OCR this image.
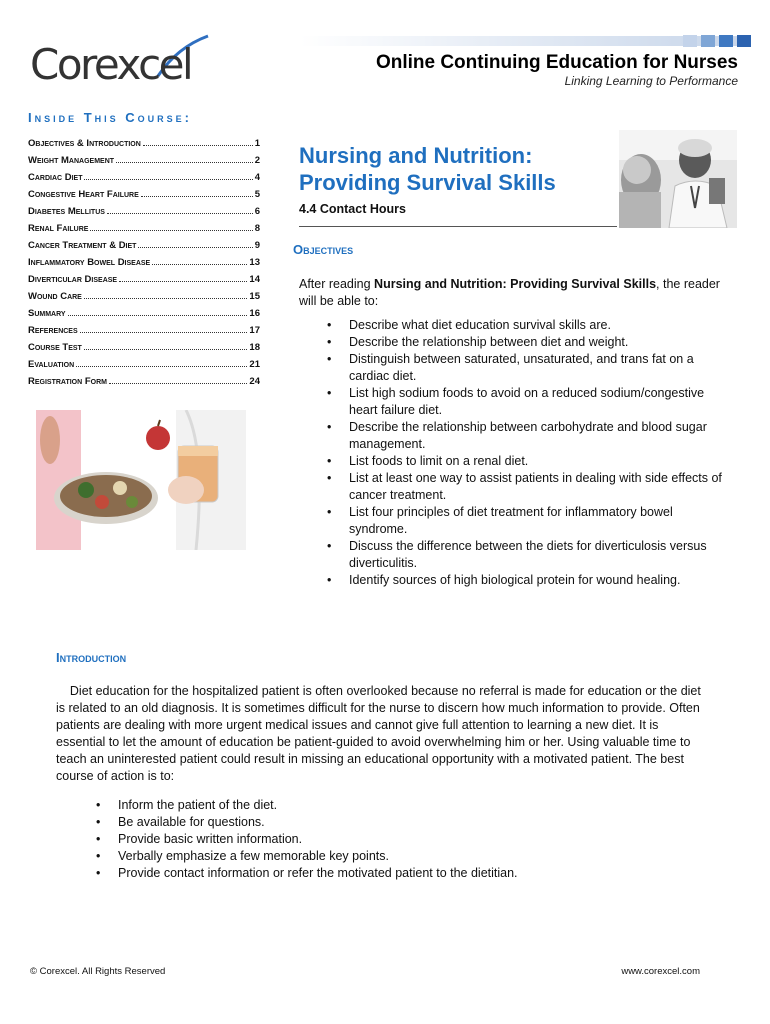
Corexcel	Online Continuing Education for Nurses
Linking Learning to Performance
Inside This Course:
Objectives & Introduction	1
Weight Management	2
Cardiac Diet	4
Congestive Heart Failure	5
Diabetes Mellitus	6
Renal Failure	8
Cancer Treatment & Diet	9
Inflammatory Bowel Disease	13
Diverticular Disease	14
Wound Care	15
Summary	16
References	17
Course Test	18
Evaluation	21
Registration Form	24
Nursing and Nutrition:
Providing Survival Skills
4.4 Contact Hours
Objectives
After reading Nursing and Nutrition: Providing Survival Skills, the reader will be able to:
• Describe what diet education survival skills are.
• Describe the relationship between diet and weight.
• Distinguish between saturated, unsaturated, and trans fat on a cardiac diet.
• List high sodium foods to avoid on a reduced sodium/congestive heart failure diet.
• Describe the relationship between carbohydrate and blood sugar management.
• List foods to limit on a renal diet.
• List at least one way to assist patients in dealing with side effects of cancer treatment.
• List four principles of diet treatment for inflammatory bowel syndrome.
• Discuss the difference between the diets for diverticulosis versus diverticulitis.
• Identify sources of high biological protein for wound healing.
Introduction

Diet education for the hospitalized patient is often overlooked because no referral is made for education or the diet is related to an old diagnosis. It is sometimes difficult for the nurse to discern how much information to provide. Often patients are dealing with more urgent medical issues and cannot give full attention to learning a new diet. It is essential to let the amount of education be patient-guided to avoid overwhelming him or her. Using valuable time to teach an uninterested patient could result in missing an educational opportunity with a motivated patient. The best course of action is to:

• Inform the patient of the diet.
• Be available for questions.
• Provide basic written information.
• Verbally emphasize a few memorable key points.
• Provide contact information or refer the motivated patient to the dietitian.
© Corexcel. All Rights Reserved	www.corexcel.com
